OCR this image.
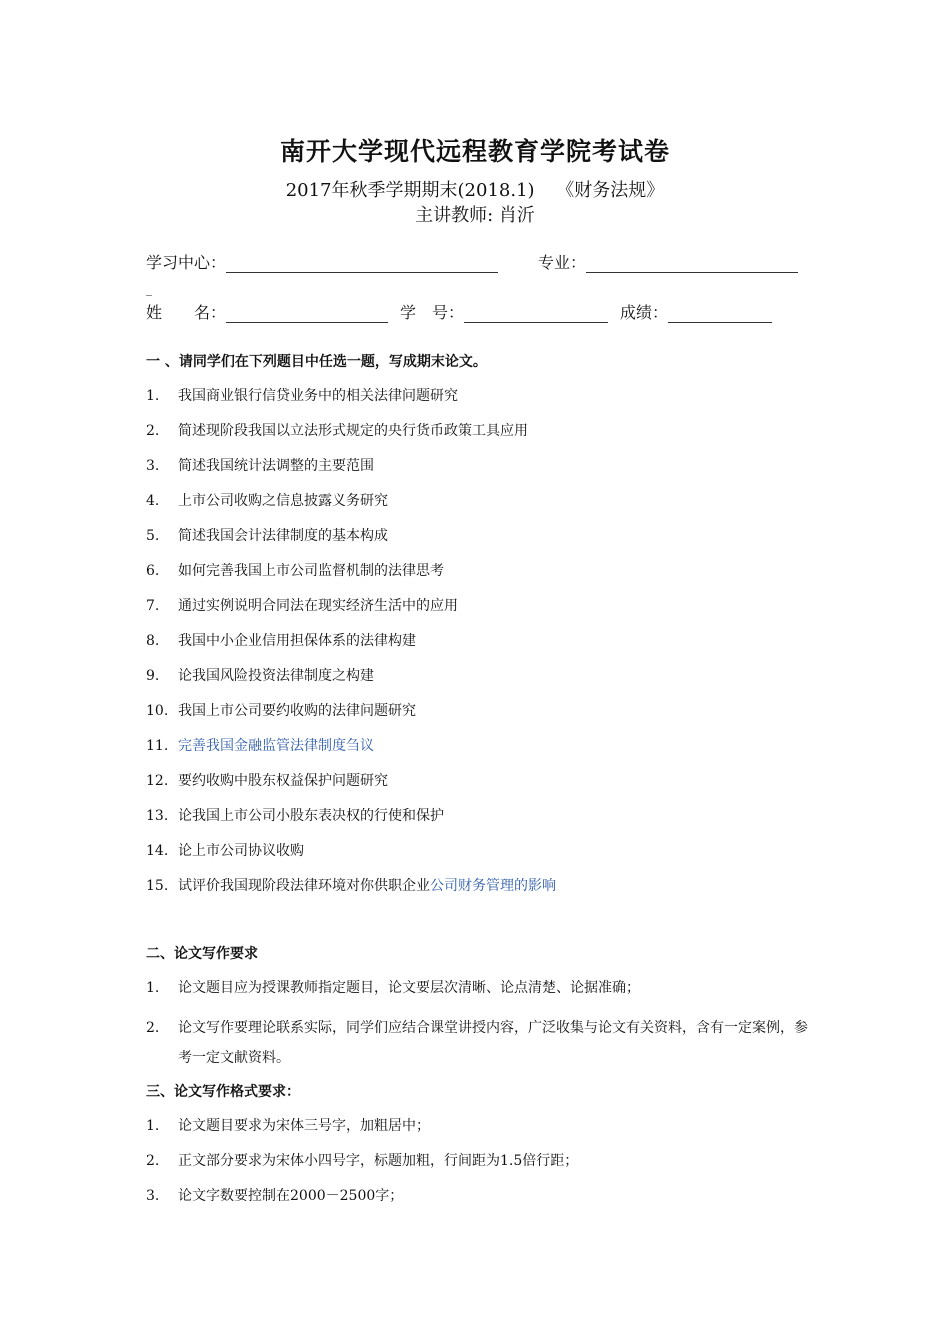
南开大学现代远程教育学院考试卷
2017年秋季学期期末(2018.1) 《财务法规》
主讲教师: 肖沂
学习中心：	专业：
_
姓　　名：	学　号：	成绩：
一 、请同学们在下列题目中任选一题，写成期末论文。
1. 我国商业银行信贷业务中的相关法律问题研究
2. 简述现阶段我国以立法形式规定的央行货币政策工具应用
3. 简述我国统计法调整的主要范围
4. 上市公司收购之信息披露义务研究
5. 简述我国会计法律制度的基本构成
6. 如何完善我国上市公司监督机制的法律思考
7. 通过实例说明合同法在现实经济生活中的应用
8. 我国中小企业信用担保体系的法律构建
9. 论我国风险投资法律制度之构建
10. 我国上市公司要约收购的法律问题研究
11. 完善我国金融监管法律制度刍议
12. 要约收购中股东权益保护问题研究
13. 论我国上市公司小股东表决权的行使和保护
14. 论上市公司协议收购
15. 试评价我国现阶段法律环境对你供职企业公司财务管理的影响
二、论文写作要求
1. 论文题目应为授课教师指定题目，论文要层次清晰、论点清楚、论据准确；
2. 论文写作要理论联系实际，同学们应结合课堂讲授内容，广泛收集与论文有关资料，含有一定案例，参考一定文献资料。
三、论文写作格式要求：
1. 论文题目要求为宋体三号字，加粗居中；
2. 正文部分要求为宋体小四号字，标题加粗，行间距为1.5倍行距；
3. 论文字数要控制在2000－2500字；
